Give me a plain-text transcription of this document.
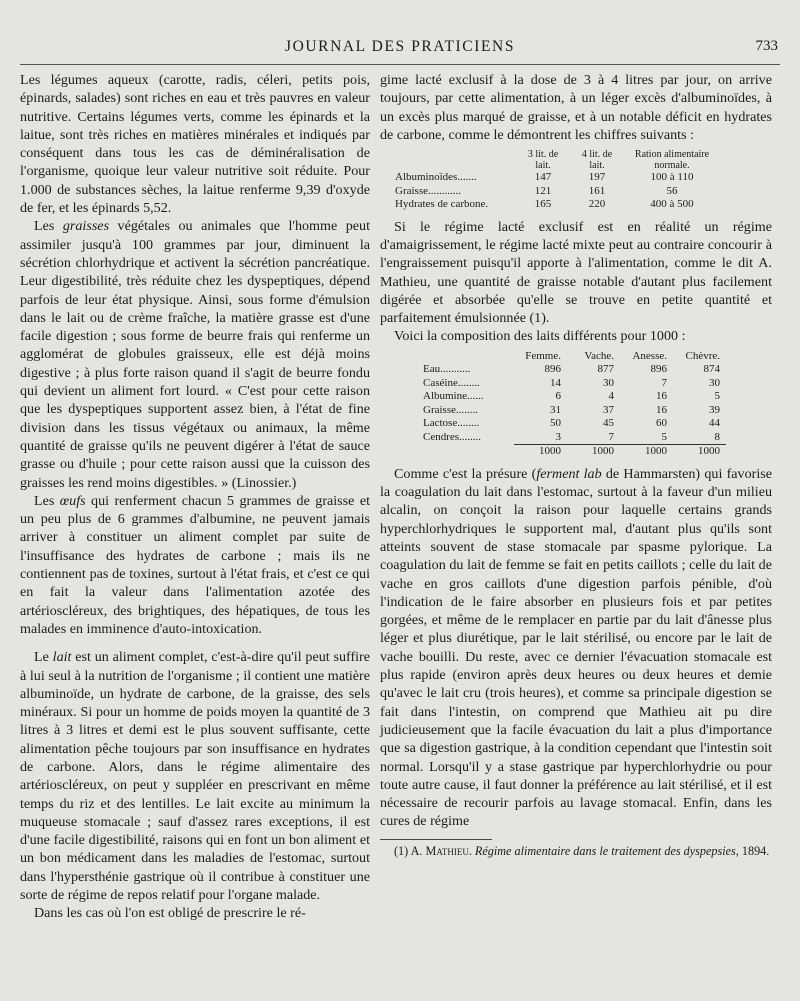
JOURNAL DES PRATICIENS	733

Les légumes aqueux (carotte, radis, céleri, petits pois, épinards, salades) sont riches en eau et très pauvres en valeur nutritive. Certains légumes verts, comme les épinards et la laitue, sont très riches en matières minérales et indiqués par conséquent dans tous les cas de déminéralisation de l'organisme, quoique leur valeur nutritive soit réduite. Pour 1.000 de substances sèches, la laitue renferme 9,39 d'oxyde de fer, et les épinards 5,52.

Les graisses végétales ou animales que l'homme peut assimiler jusqu'à 100 grammes par jour, diminuent la sécrétion chlorhydrique et activent la sécrétion pancréatique. Leur digestibilité, très réduite chez les dyspeptiques, dépend parfois de leur état physique. Ainsi, sous forme d'émulsion dans le lait ou de crème fraîche, la matière grasse est d'une facile digestion ; sous forme de beurre frais qui renferme un agglomérat de globules graisseux, elle est déjà moins digestive ; à plus forte raison quand il s'agit de beurre fondu qui devient un aliment fort lourd. « C'est pour cette raison que les dyspeptiques supportent assez bien, à l'état de fine division dans les tissus végétaux ou animaux, la même quantité de graisse qu'ils ne peuvent digérer à l'état de sauce grasse ou d'huile ; pour cette raison aussi que la cuisson des graisses les rend moins digestibles. » (Linossier.)

Les œufs qui renferment chacun 5 grammes de graisse et un peu plus de 6 grammes d'albumine, ne peuvent jamais arriver à constituer un aliment complet par suite de l'insuffisance des hydrates de carbone ; mais ils ne contiennent pas de toxines, surtout à l'état frais, et c'est ce qui en fait la valeur dans l'alimentation azotée des artérioscléreux, des brightiques, des hépatiques, de tous les malades en imminence d'auto-intoxication.

Le lait est un aliment complet, c'est-à-dire qu'il peut suffire à lui seul à la nutrition de l'organisme ; il contient une matière albuminoïde, un hydrate de carbone, de la graisse, des sels minéraux. Si pour un homme de poids moyen la quantité de 3 litres à 3 litres et demi est le plus souvent suffisante, cette alimentation pêche toujours par son insuffisance en hydrates de carbone. Alors, dans le régime alimentaire des artérioscléreux, on peut y suppléer en prescrivant en même temps du riz et des lentilles. Le lait excite au minimum la muqueuse stomacale ; sauf d'assez rares exceptions, il est d'une facile digestibilité, raisons qui en font un bon aliment et un bon médicament dans les maladies de l'estomac, surtout dans l'hypersthénie gastrique où il contribue à constituer une sorte de régime de repos relatif pour l'organe malade.

Dans les cas où l'on est obligé de prescrire le ré-

gime lacté exclusif à la dose de 3 à 4 litres par jour, on arrive toujours, par cette alimentation, à un léger excès d'albuminoïdes, à un excès plus marqué de graisse, et à un notable déficit en hydrates de carbone, comme le démontrent les chiffres suivants :

	3 lit. de lait.	4 lit. de lait.	Ration alimentaire normale.
Albuminoïdes.......	147	197	100 à 110
Graisse............	121	161	56
Hydrates de carbone.	165	220	400 à 500

Si le régime lacté exclusif est en réalité un régime d'amaigrissement, le régime lacté mixte peut au contraire concourir à l'engraissement puisqu'il apporte à l'alimentation, comme le dit A. Mathieu, une quantité de graisse notable d'autant plus facilement digérée et absorbée qu'elle se trouve en petite quantité et parfaitement émulsionnée (1).

Voici la composition des laits différents pour 1000 :

	Femme.	Vache.	Anesse.	Chèvre.
Eau...........	896	877	896	874
Caséine........	14	30	7	30
Albumine......	6	4	16	5
Graisse........	31	37	16	39
Lactose........	50	45	60	44
Cendres........	3	7	5	8
	1000	1000	1000	1000

Comme c'est la présure (ferment lab de Hammarsten) qui favorise la coagulation du lait dans l'estomac, surtout à la faveur d'un milieu alcalin, on conçoit la raison pour laquelle certains grands hyperchlorhydriques le supportent mal, d'autant plus qu'ils sont atteints souvent de stase stomacale par spasme pylorique. La coagulation du lait de femme se fait en petits caillots ; celle du lait de vache en gros caillots d'une digestion parfois pénible, d'où l'indication de le faire absorber en plusieurs fois et par petites gorgées, et même de le remplacer en partie par du lait d'ânesse plus léger et plus diurétique, par le lait stérilisé, ou encore par le lait de vache bouilli. Du reste, avec ce dernier l'évacuation stomacale est plus rapide (environ après deux heures ou deux heures et demie qu'avec le lait cru (trois heures), et comme sa principale digestion se fait dans l'intestin, on comprend que Mathieu ait pu dire judicieusement que la facile évacuation du lait a plus d'importance que sa digestion gastrique, à la condition cependant que l'intestin soit normal. Lorsqu'il y a stase gastrique par hyperchlorhydrie ou pour toute autre cause, il faut donner la préférence au lait stérilisé, et il est nécessaire de recourir parfois au lavage stomacal. Enfin, dans les cures de régime

(1) A. Mathieu. Régime alimentaire dans le traitement des dyspepsies, 1894.
